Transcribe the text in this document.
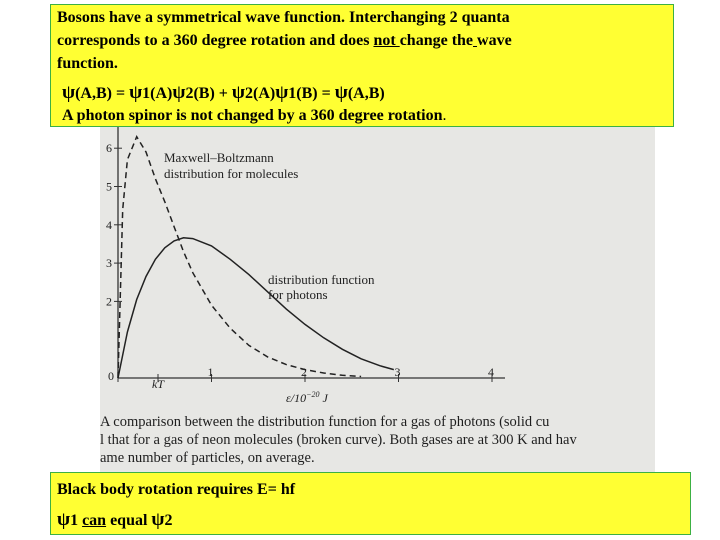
Bosons have a symmetrical wave function. Interchanging 2 quanta
corresponds to a 360 degree rotation and does not change the wave
function.
ψ(A,B) = ψ1(A)ψ2(B) + ψ2(A)ψ1(B) = ψ(A,B)
A photon spinor is not changed by a 360 degree rotation.
0	1	2	3	4
2
3
4
5
6
Maxwell–Boltzmann
distribution for molecules
distribution function
for photons
kT
$\varepsilon/10^{-20}$ J
A comparison between the distribution function for a gas of photons (solid cu
l that for a gas of neon molecules (broken curve). Both gases are at 300 K and hav
ame number of particles, on average.
Black body rotation requires E= hf
ψ1 can equal ψ2
